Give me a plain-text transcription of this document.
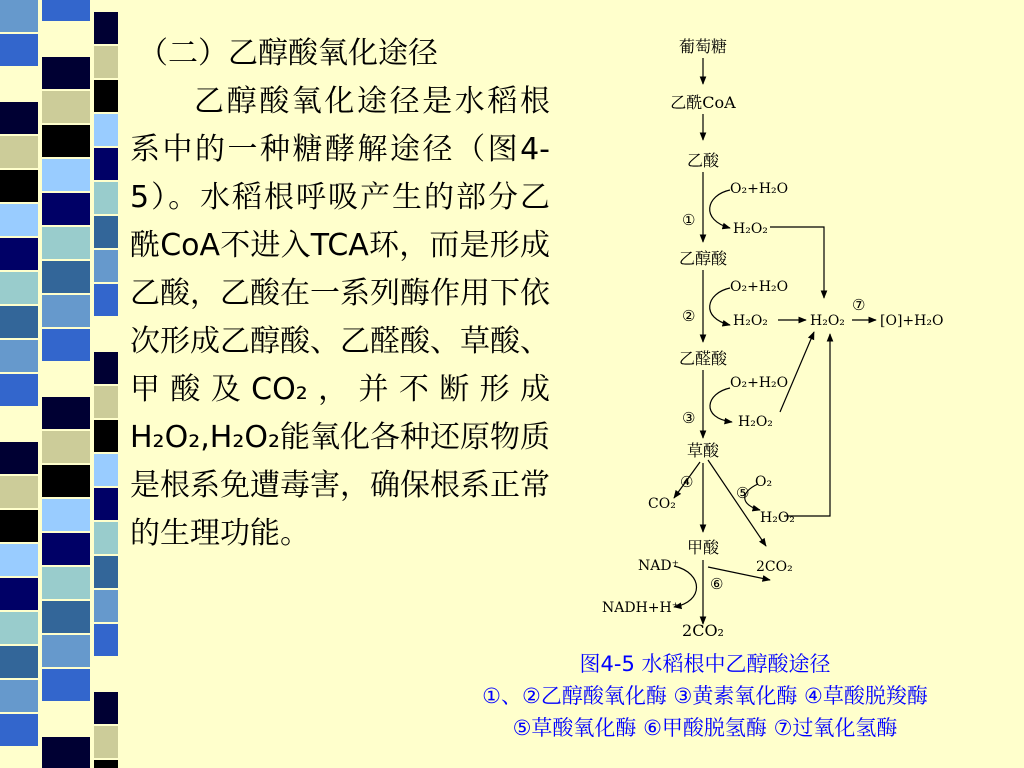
（二）乙醇酸氧化途径
乙醇酸氧化途径是水稻根系中的一种糖酵解途径（图4-5）。水稻根呼吸产生的部分乙酰CoA不进入TCA环，而是形成乙酸，乙酸在一系列酶作用下依次形成乙醇酸、乙醛酸、草酸、甲酸及CO₂，并不断形成H₂O₂,H₂O₂能氧化各种还原物质是根系免遭毒害，确保根系正常的生理功能。
葡萄糖
乙酰CoA
乙酸
乙醇酸
乙醛酸
草酸
甲酸
2CO₂
O₂+H₂O
H₂O₂
O₂+H₂O
H₂O₂	H₂O₂	[O]+H₂O
O₂+H₂O
H₂O₂
CO₂
O₂
H₂O₂
2CO₂
NAD⁺
NADH+H⁺
①
②
③
④
⑤
⑥
⑦
图4-5 水稻根中乙醇酸途径
①、②乙醇酸氧化酶 ③黄素氧化酶 ④草酸脱羧酶
⑤草酸氧化酶 ⑥甲酸脱氢酶 ⑦过氧化氢酶
